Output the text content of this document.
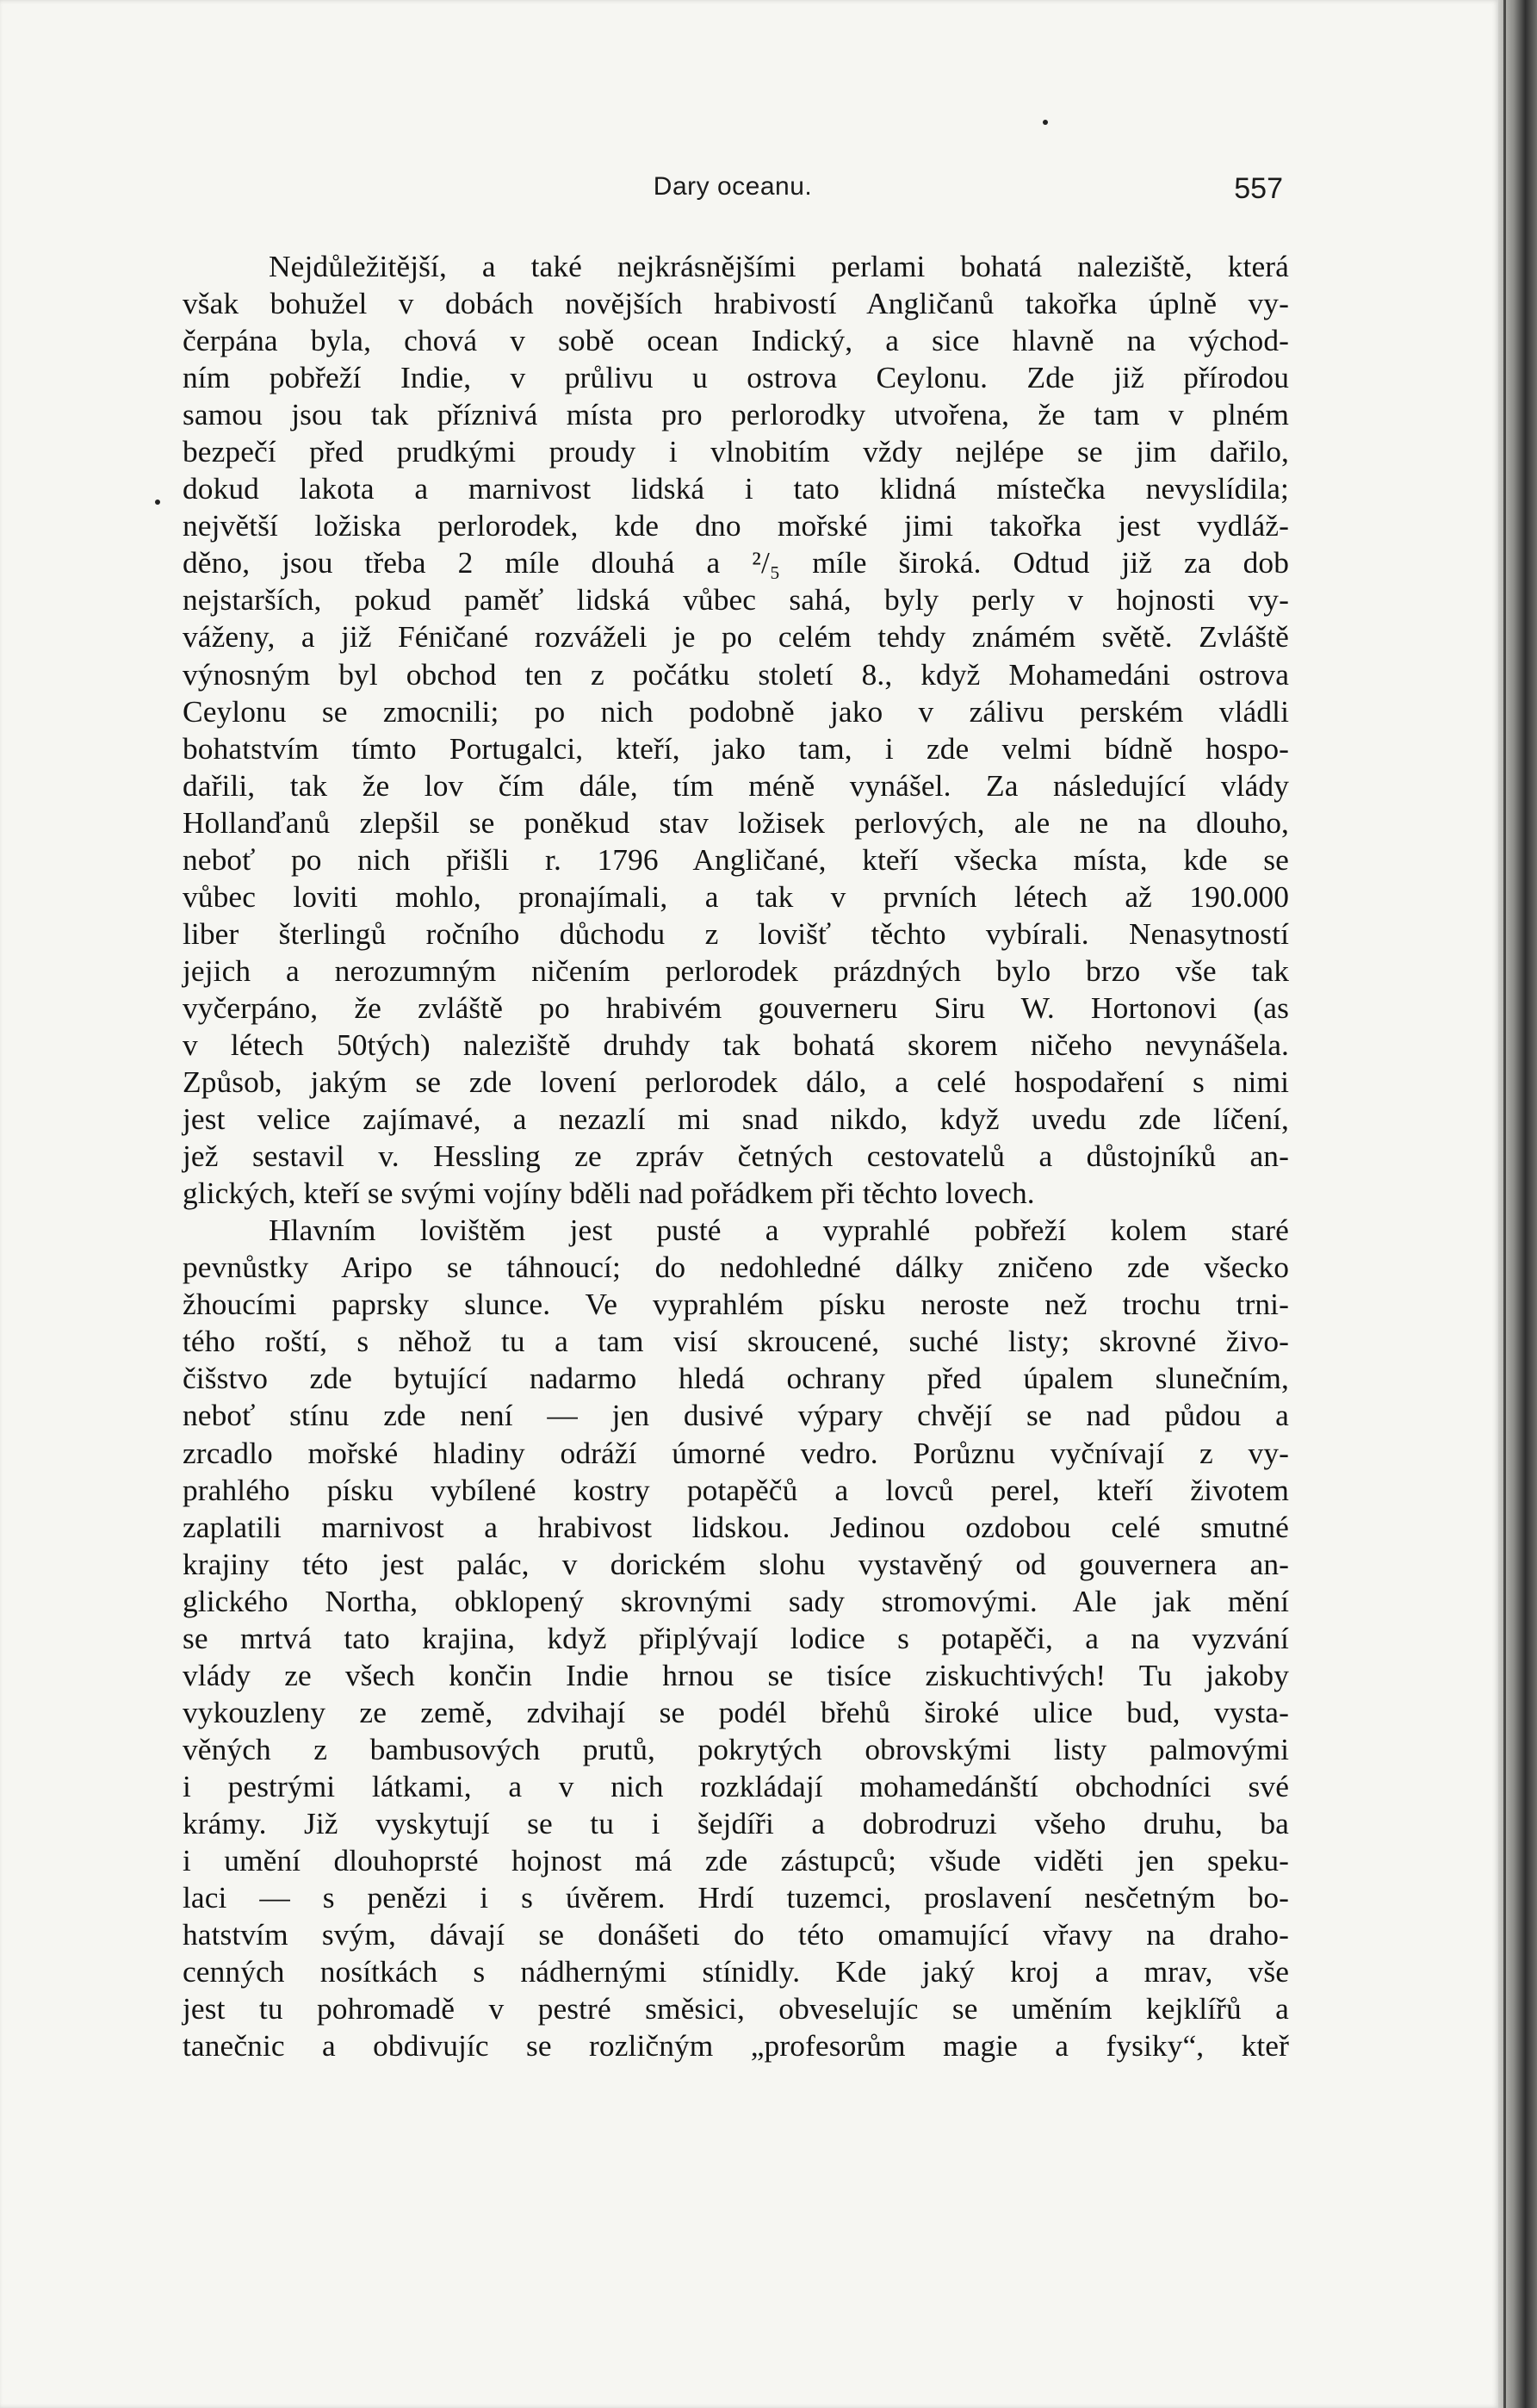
Dary oceanu.	557
Nejdůležitější, a také nejkrásnějšími perlami bohatá naleziště, která
však bohužel v dobách novějších hrabivostí Angličanů takořka úplně vy-
čerpána byla, chová v sobě ocean Indický, a sice hlavně na východ-
ním pobřeží Indie, v průlivu u ostrova Ceylonu. Zde již přírodou
samou jsou tak příznivá místa pro perlorodky utvořena, že tam v plném
bezpečí před prudkými proudy i vlnobitím vždy nejlépe se jim dařilo,
dokud lakota a marnivost lidská i tato klidná místečka nevyslídila;
největší ložiska perlorodek, kde dno mořské jimi takořka jest vydláž-
děno, jsou třeba 2 míle dlouhá a ²/₅ míle široká. Odtud již za dob
nejstarších, pokud paměť lidská vůbec sahá, byly perly v hojnosti vy-
váženy, a již Féničané rozváželi je po celém tehdy známém světě. Zvláště
výnosným byl obchod ten z počátku století 8., když Mohamedáni ostrova
Ceylonu se zmocnili; po nich podobně jako v zálivu perském vládli
bohatstvím tímto Portugalci, kteří, jako tam, i zde velmi bídně hospo-
dařili, tak že lov čím dále, tím méně vynášel. Za následující vlády
Hollanďanů zlepšil se poněkud stav ložisek perlových, ale ne na dlouho,
neboť po nich přišli r. 1796 Angličané, kteří všecka místa, kde se
vůbec loviti mohlo, pronajímali, a tak v prvních létech až 190.000
liber šterlingů ročního důchodu z lovišť těchto vybírali. Nenasytností
jejich a nerozumným ničením perlorodek prázdných bylo brzo vše tak
vyčerpáno, že zvláště po hrabivém gouverneru Siru W. Hortonovi (as
v létech 50tých) naleziště druhdy tak bohatá skorem ničeho nevynášela.
Způsob, jakým se zde lovení perlorodek dálo, a celé hospodaření s nimi
jest velice zajímavé, a nezazlí mi snad nikdo, když uvedu zde líčení,
jež sestavil v. Hessling ze zpráv četných cestovatelů a důstojníků an-
glických, kteří se svými vojíny bděli nad pořádkem při těchto lovech.
Hlavním lovištěm jest pusté a vyprahlé pobřeží kolem staré
pevnůstky Aripo se táhnoucí; do nedohledné dálky zničeno zde všecko
žhoucími paprsky slunce. Ve vyprahlém písku neroste než trochu trni-
tého roští, s něhož tu a tam visí skroucené, suché listy; skrovné živo-
čišstvo zde bytující nadarmo hledá ochrany před úpalem slunečním,
neboť stínu zde není — jen dusivé výpary chvějí se nad půdou a
zrcadlo mořské hladiny odráží úmorné vedro. Porůznu vyčnívají z vy-
prahlého písku vybílené kostry potapěčů a lovců perel, kteří životem
zaplatili marnivost a hrabivost lidskou. Jedinou ozdobou celé smutné
krajiny této jest palác, v dorickém slohu vystavěný od gouvernera an-
glického Northa, obklopený skrovnými sady stromovými. Ale jak mění
se mrtvá tato krajina, když připlývají lodice s potapěči, a na vyzvání
vlády ze všech končin Indie hrnou se tisíce ziskuchtivých! Tu jakoby
vykouzleny ze země, zdvihají se podél břehů široké ulice bud, vysta-
věných z bambusových prutů, pokrytých obrovskými listy palmovými
i pestrými látkami, a v nich rozkládají mohamedánští obchodníci své
krámy. Již vyskytují se tu i šejdíři a dobrodruzi všeho druhu, ba
i umění dlouhoprsté hojnost má zde zástupců; všude viděti jen speku-
laci — s penězi i s úvěrem. Hrdí tuzemci, proslavení nesčetným bo-
hatstvím svým, dávají se donášeti do této omamující vřavy na draho-
cenných nosítkách s nádhernými stínidly. Kde jaký kroj a mrav, vše
jest tu pohromadě v pestré směsici, obveselujíc se uměním kejklířů a
tanečnic a obdivujíc se rozličným „profesorům magie a fysiky“, kteř
